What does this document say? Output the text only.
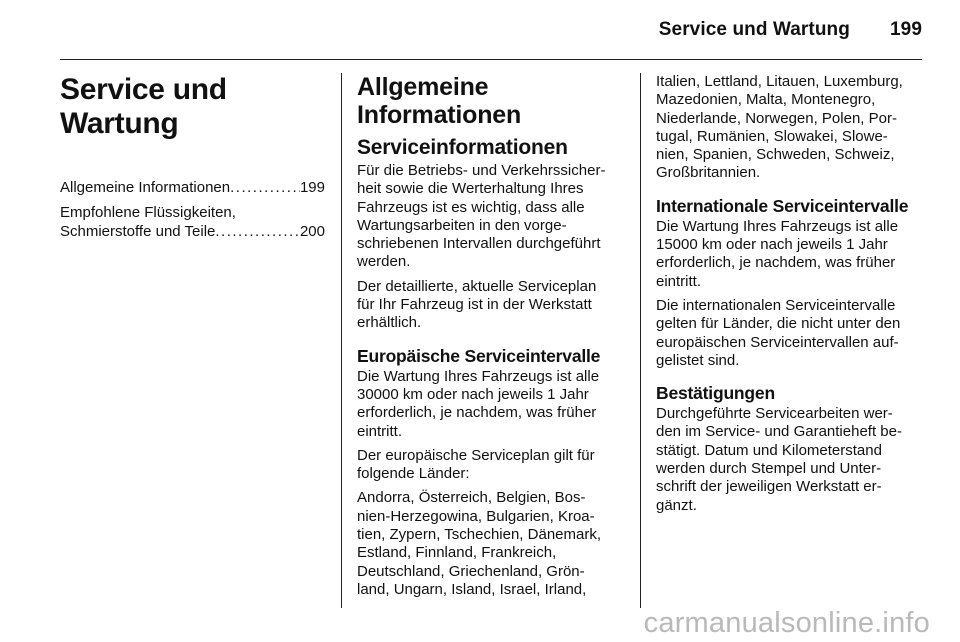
Service und Wartung 199
Service und Wartung
Allgemeine Informationen .....	199
Empfohlene Flüssigkeiten,
Schmierstoffe und Teile .....	200
Allgemeine
Informationen
Serviceinformationen

Für die Betriebs- und Verkehrssicher-
heit sowie die Werterhaltung Ihres
Fahrzeugs ist es wichtig, dass alle
Wartungsarbeiten in den vorge-
schriebenen Intervallen durchgeführt
werden.

Der detaillierte, aktuelle Serviceplan
für Ihr Fahrzeug ist in der Werkstatt
erhältlich.

Europäische Serviceintervalle

Die Wartung Ihres Fahrzeugs ist alle
30000 km oder nach jeweils 1 Jahr
erforderlich, je nachdem, was früher
eintritt.

Der europäische Serviceplan gilt für
folgende Länder:

Andorra, Österreich, Belgien, Bos-
nien-Herzegowina, Bulgarien, Kroa-
tien, Zypern, Tschechien, Dänemark,
Estland, Finnland, Frankreich,
Deutschland, Griechenland, Grön-
land, Ungarn, Island, Israel, Irland,

Italien, Lettland, Litauen, Luxemburg,
Mazedonien, Malta, Montenegro,
Niederlande, Norwegen, Polen, Por-
tugal, Rumänien, Slowakei, Slowe-
nien, Spanien, Schweden, Schweiz,
Großbritannien.

Internationale Serviceintervalle

Die Wartung Ihres Fahrzeugs ist alle
15000 km oder nach jeweils 1 Jahr
erforderlich, je nachdem, was früher
eintritt.

Die internationalen Serviceintervalle
gelten für Länder, die nicht unter den
europäischen Serviceintervallen auf-
gelistet sind.

Bestätigungen

Durchgeführte Servicearbeiten wer-
den im Service- und Garantieheft be-
stätigt. Datum und Kilometerstand
werden durch Stempel und Unter-
schrift der jeweiligen Werkstatt er-
gänzt.

carmanualsonline.info
